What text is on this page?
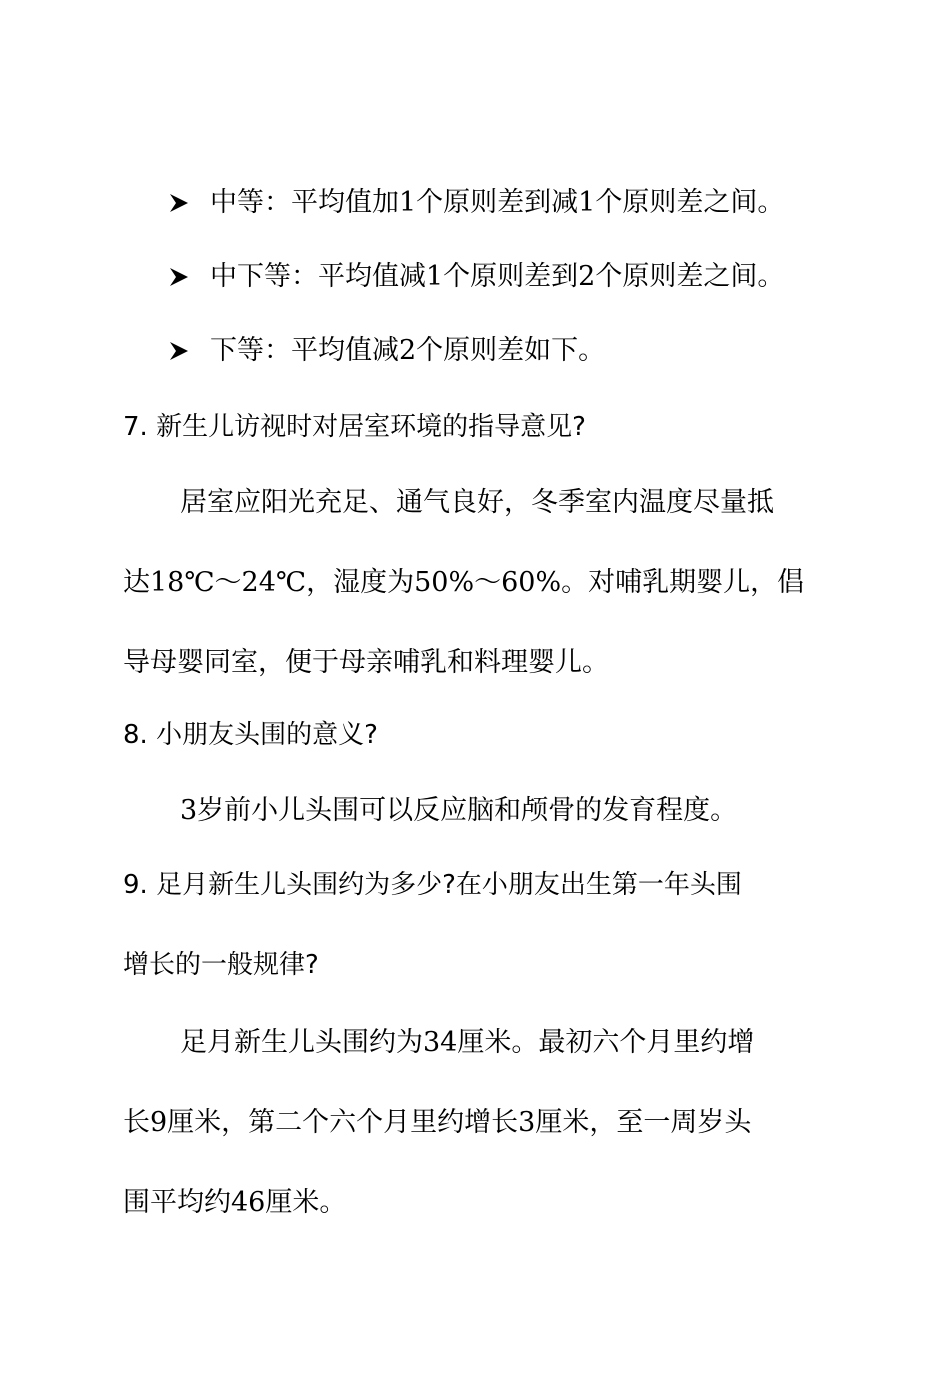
中等：平均值加1个原则差到减1个原则差之间。

中下等：平均值减1个原则差到2个原则差之间。

下等：平均值减2个原则差如下。

7. 新生儿访视时对居室环境的指导意见?

居室应阳光充足、通气良好，冬季室内温度尽量抵

达18℃～24℃，湿度为50%～60%。对哺乳期婴儿，倡

导母婴同室，便于母亲哺乳和料理婴儿。

8. 小朋友头围的意义?

3岁前小儿头围可以反应脑和颅骨的发育程度。

9. 足月新生儿头围约为多少?在小朋友出生第一年头围

增长的一般规律?

足月新生儿头围约为34厘米。最初六个月里约增

长9厘米，第二个六个月里约增长3厘米，至一周岁头

围平均约46厘米。
